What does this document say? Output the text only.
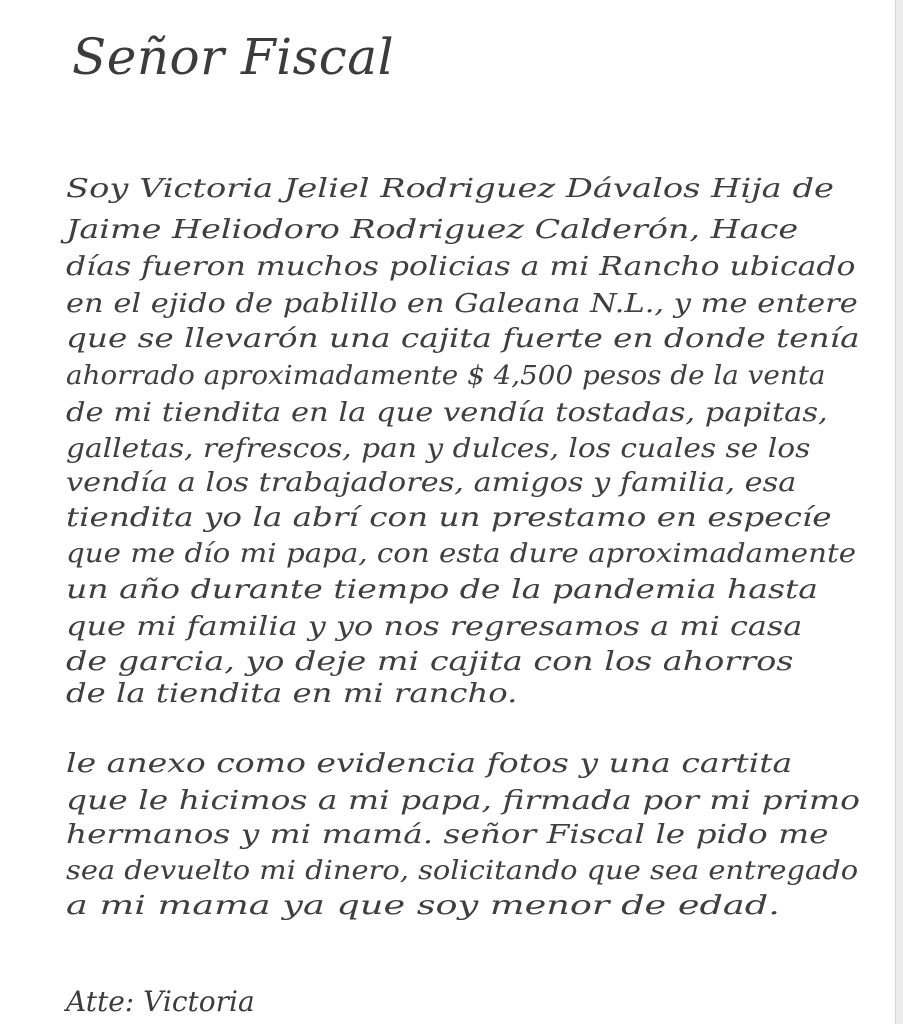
Señor Fiscal
Soy Victoria Jeliel Rodriguez Dávalos Hija de
Jaime Heliodoro Rodriguez Calderón, Hace
días fueron muchos policias a mi Rancho ubicado
en el ejido de pablillo en Galeana N.L., y me entere
que se llevarón una cajita fuerte en donde tenía
ahorrado aproximadamente $ 4,500 pesos de la venta
de mi tiendita en la que vendía tostadas, papitas,
galletas, refrescos, pan y dulces, los cuales se los
vendía a los trabajadores, amigos y familia, esa
tiendita yo la abrí con un prestamo en especíe
que me dío mi papa, con esta dure aproximadamente
un año durante tiempo de la pandemia hasta
que mi familia y yo nos regresamos a mi casa
de garcia, yo deje mi cajita con los ahorros
de la tiendita en mi rancho.
le anexo como evidencia fotos y una cartita
que le hicimos a mi papa, firmada por mi primo
hermanos y mi mamá. señor Fiscal le pido me
sea devuelto mi dinero, solicitando que sea entregado
a mi mama ya que soy menor de edad.
Atte: Victoria
